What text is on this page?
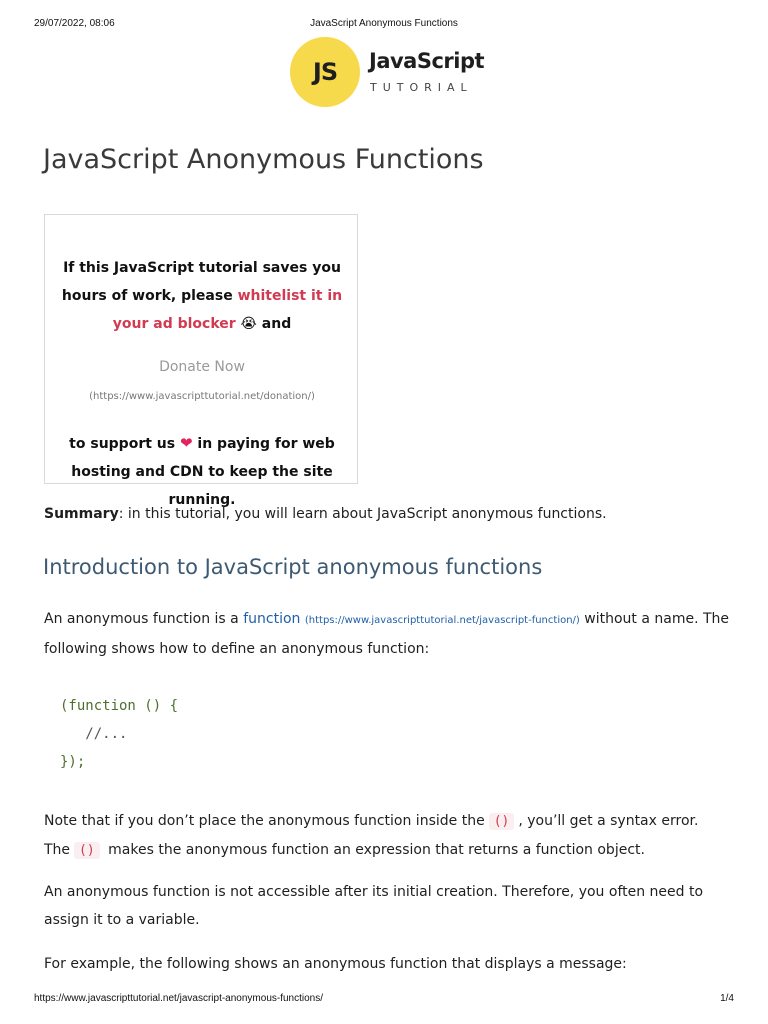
29/07/2022, 08:06	JavaScript Anonymous Functions
JS	JavaScript
TUTORIAL
JavaScript Anonymous Functions
If this JavaScript tutorial saves you
hours of work, please whitelist it in
your ad blocker 😭 and
Donate Now
(https://www.javascripttutorial.net/donation/)
to support us ❤ in paying for web
hosting and CDN to keep the site
running.
Summary: in this tutorial, you will learn about JavaScript anonymous functions.
Introduction to JavaScript anonymous functions

An anonymous function is a function (https://www.javascripttutorial.net/javascript-function/) without a name. The following shows how to define an anonymous function:

(function () {
//...
});

Note that if you don’t place the anonymous function inside the () , you’ll get a syntax error. The () makes the anonymous function an expression that returns a function object.

An anonymous function is not accessible after its initial creation. Therefore, you often need to assign it to a variable.

For example, the following shows an anonymous function that displays a message:

https://www.javascripttutorial.net/javascript-anonymous-functions/	1/4
